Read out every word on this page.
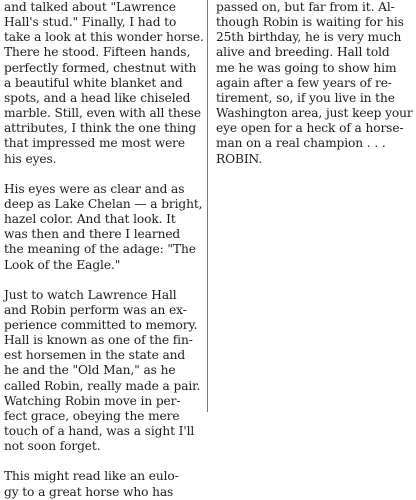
and talked about "Lawrence
Hall's stud." Finally, I had to
take a look at this wonder horse.
There he stood. Fifteen hands,
perfectly formed, chestnut with
a beautiful white blanket and
spots, and a head like chiseled
marble. Still, even with all these
attributes, I think the one thing
that impressed me most were
his eyes.
His eyes were as clear and as
deep as Lake Chelan — a bright,
hazel color. And that look. It
was then and there I learned
the meaning of the adage: "The
Look of the Eagle."
Just to watch Lawrence Hall
and Robin perform was an ex-
perience committed to memory.
Hall is known as one of the fin-
est horsemen in the state and
he and the "Old Man," as he
called Robin, really made a pair.
Watching Robin move in per-
fect grace, obeying the mere
touch of a hand, was a sight I'll
not soon forget.
This might read like an eulo-
gy to a great horse who has
passed on, but far from it. Al-
though Robin is waiting for his
25th birthday, he is very much
alive and breeding. Hall told
me he was going to show him
again after a few years of re-
tirement, so, if you live in the
Washington area, just keep your
eye open for a heck of a horse-
man on a real champion . . .
ROBIN.
